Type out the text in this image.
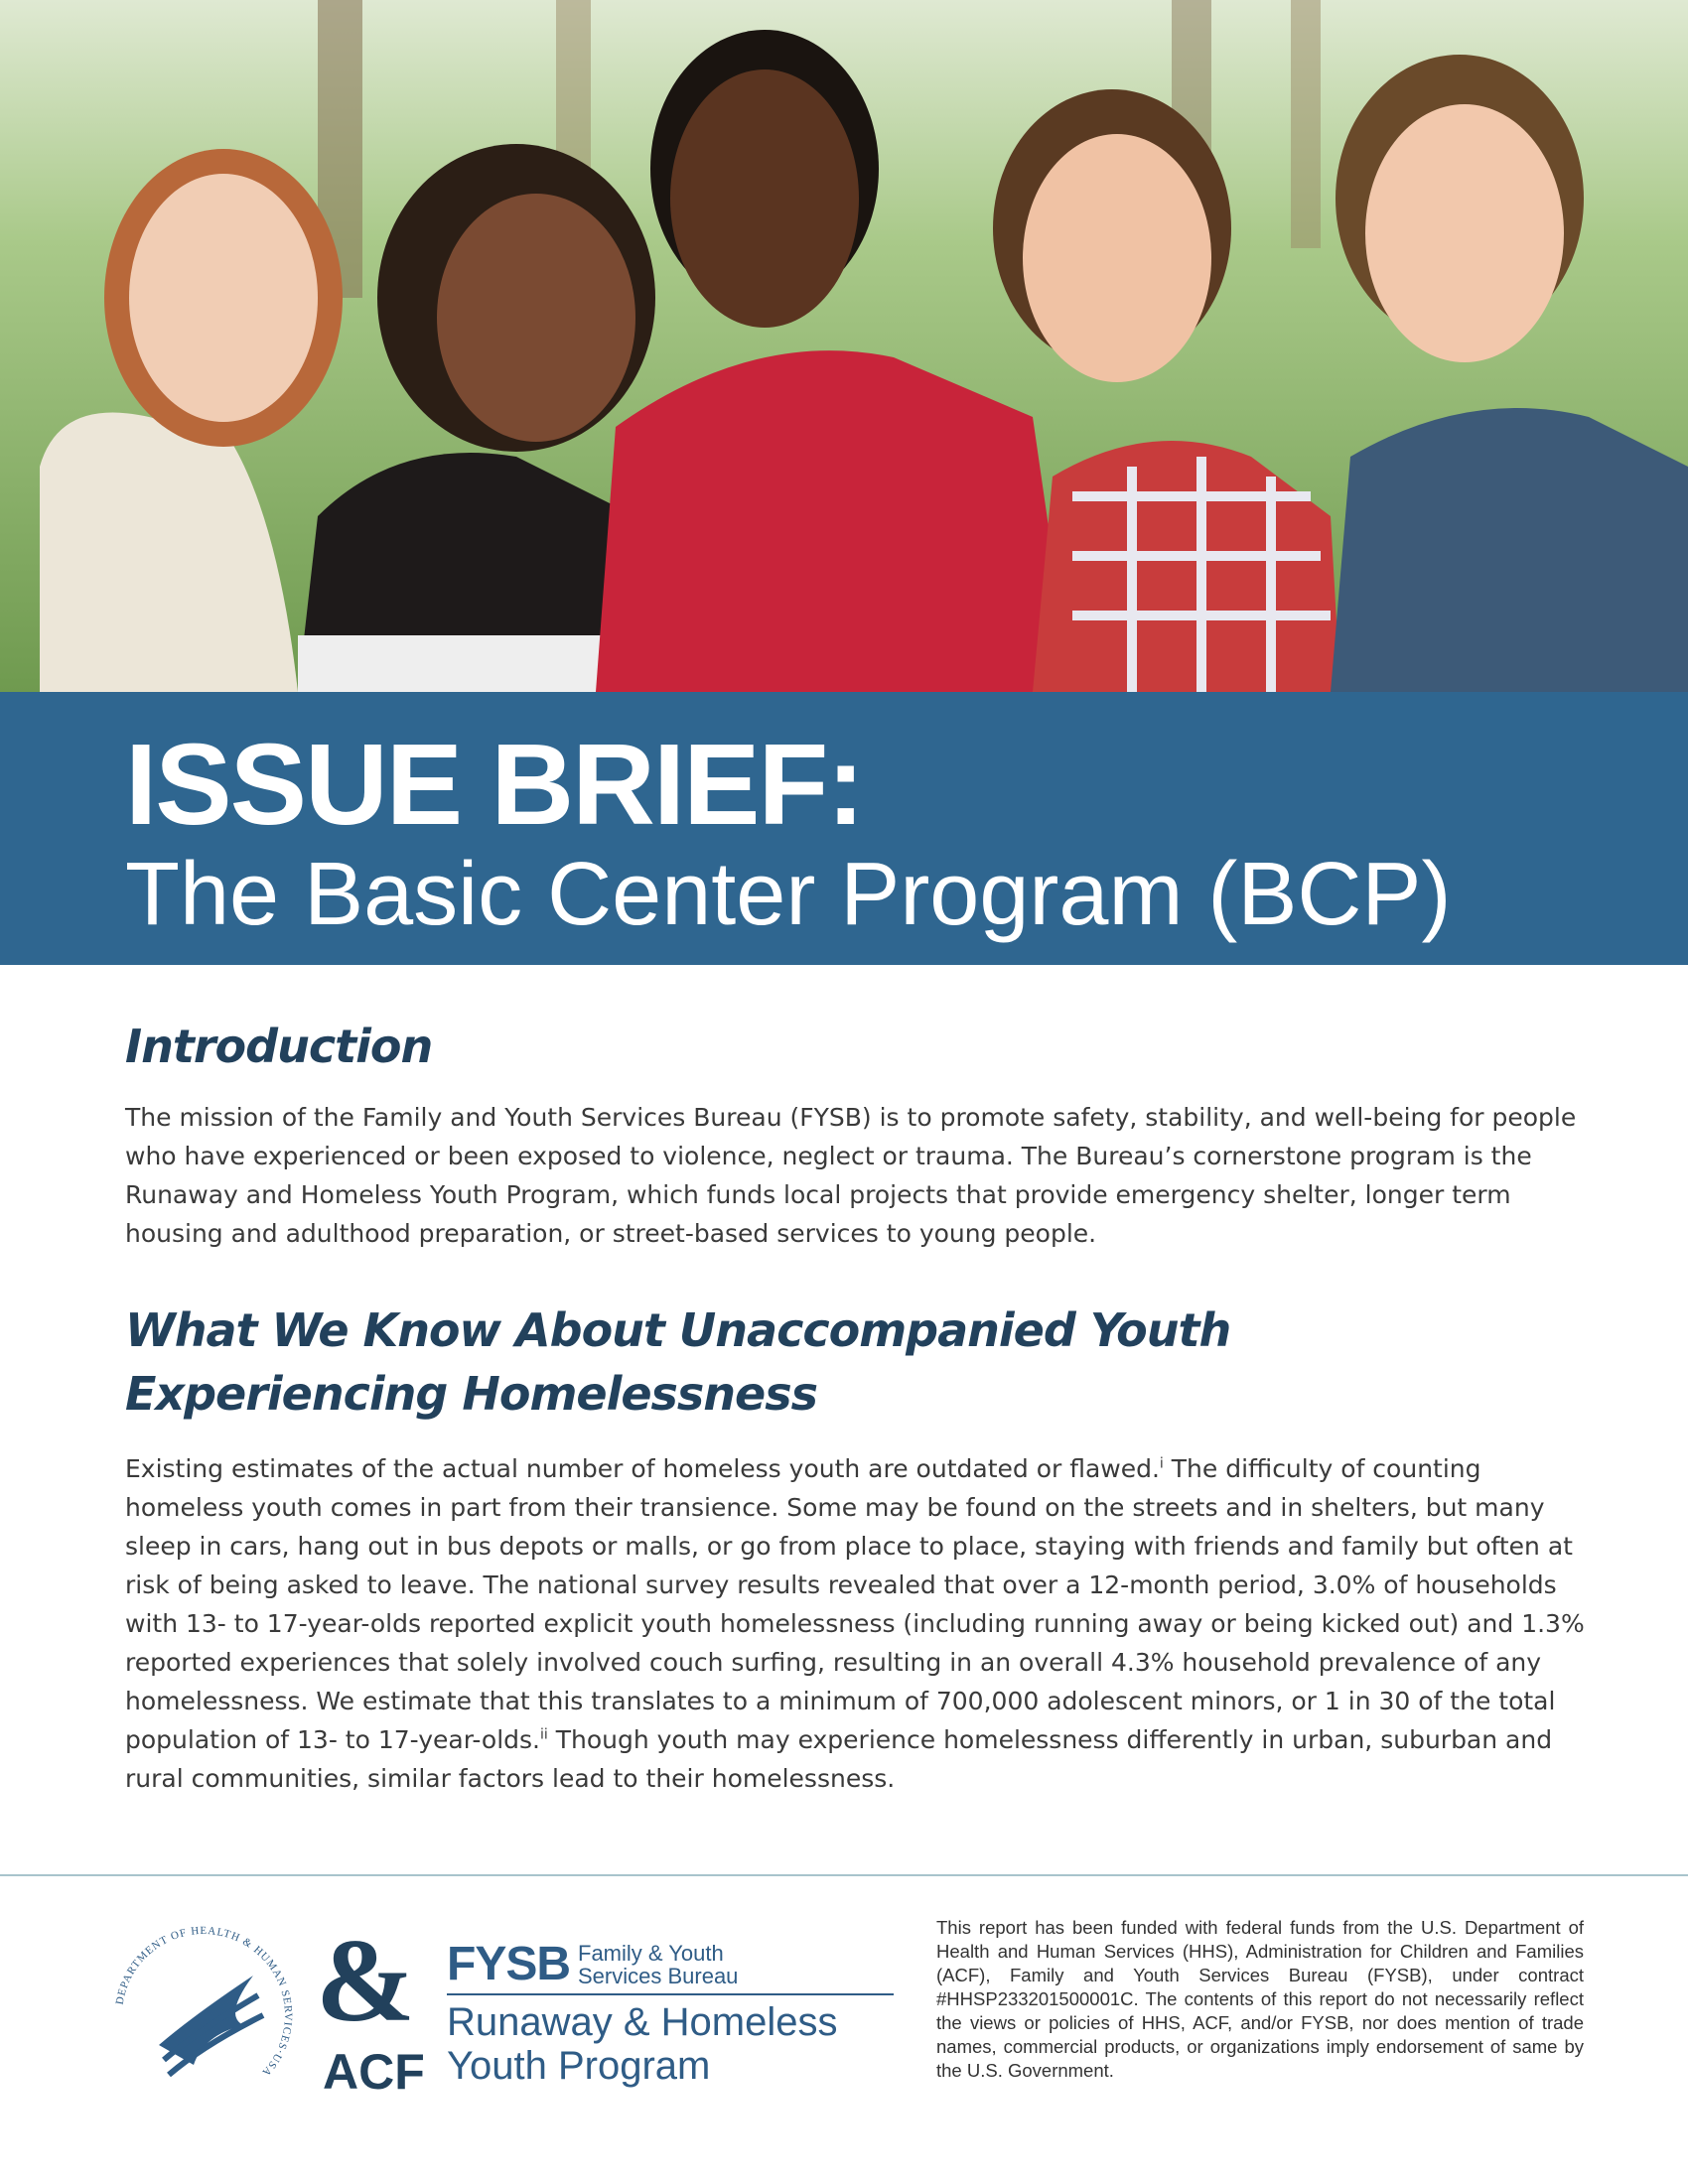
ISSUE BRIEF:
The Basic Center Program (BCP)
Introduction

The mission of the Family and Youth Services Bureau (FYSB) is to promote safety, stability, and well-being for people who have experienced or been exposed to violence, neglect or trauma. The Bureau’s cornerstone program is the Runaway and Homeless Youth Program, which funds local projects that provide emergency shelter, longer term housing and adulthood preparation, or street-based services to young people.

What We Know About Unaccompanied Youth
Experiencing Homelessness

Existing estimates of the actual number of homeless youth are outdated or flawed.$^i$ The difficulty of counting homeless youth comes in part from their transience. Some may be found on the streets and in shelters, but many sleep in cars, hang out in bus depots or malls, or go from place to place, staying with friends and family but often at risk of being asked to leave. The national survey results revealed that over a 12-month period, 3.0% of households with 13- to 17-year-olds reported explicit youth homelessness (including running away or being kicked out) and 1.3% reported experiences that solely involved couch surfing, resulting in an overall 4.3% household prevalence of any homelessness. We estimate that this translates to a minimum of 700,000 adolescent minors, or 1 in 30 of the total population of 13- to 17-year-olds.$^{ii}$ Though youth may experience homelessness differently in urban, suburban and rural communities, similar factors lead to their homelessness.

DEPARTMENT OF HEALTH & HUMAN SERVICES·USA
&
ACF
FYSB Family & Youth Services Bureau
Runaway & Homeless Youth Program

This report has been funded with federal funds from the U.S. Department of Health and Human Services (HHS), Administration for Children and Families (ACF), Family and Youth Services Bureau (FYSB), under contract #HHSP233201500001C. The contents of this report do not necessarily reflect the views or policies of HHS, ACF, and/or FYSB, nor does mention of trade names, commercial products, or organizations imply endorsement of same by the U.S. Government.
